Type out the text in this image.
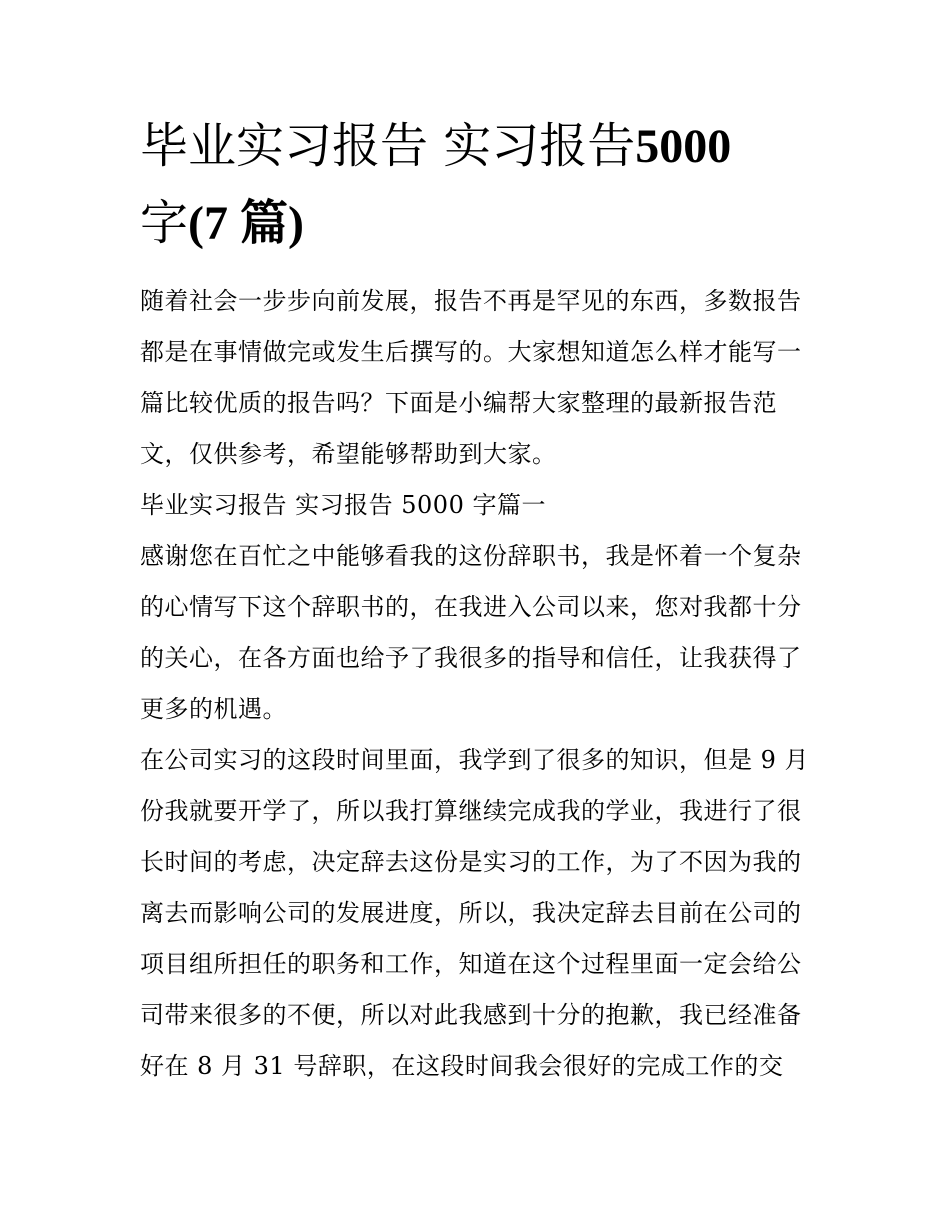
毕业实习报告 实习报告5000
字(7 篇)

随着社会一步步向前发展，报告不再是罕见的东西，多数报告都是在事情做完或发生后撰写的。大家想知道怎么样才能写一篇比较优质的报告吗？下面是小编帮大家整理的最新报告范文，仅供参考，希望能够帮助到大家。

毕业实习报告 实习报告 5000 字篇一

感谢您在百忙之中能够看我的这份辞职书，我是怀着一个复杂的心情写下这个辞职书的，在我进入公司以来，您对我都十分的关心，在各方面也给予了我很多的指导和信任，让我获得了更多的机遇。

在公司实习的这段时间里面，我学到了很多的知识，但是 9 月份我就要开学了，所以我打算继续完成我的学业，我进行了很长时间的考虑，决定辞去这份是实习的工作，为了不因为我的离去而影响公司的发展进度，所以，我决定辞去目前在公司的项目组所担任的职务和工作，知道在这个过程里面一定会给公司带来很多的不便，所以对此我感到十分的抱歉，我已经准备好在 8 月 31 号辞职，在这段时间我会很好的完成工作的交
